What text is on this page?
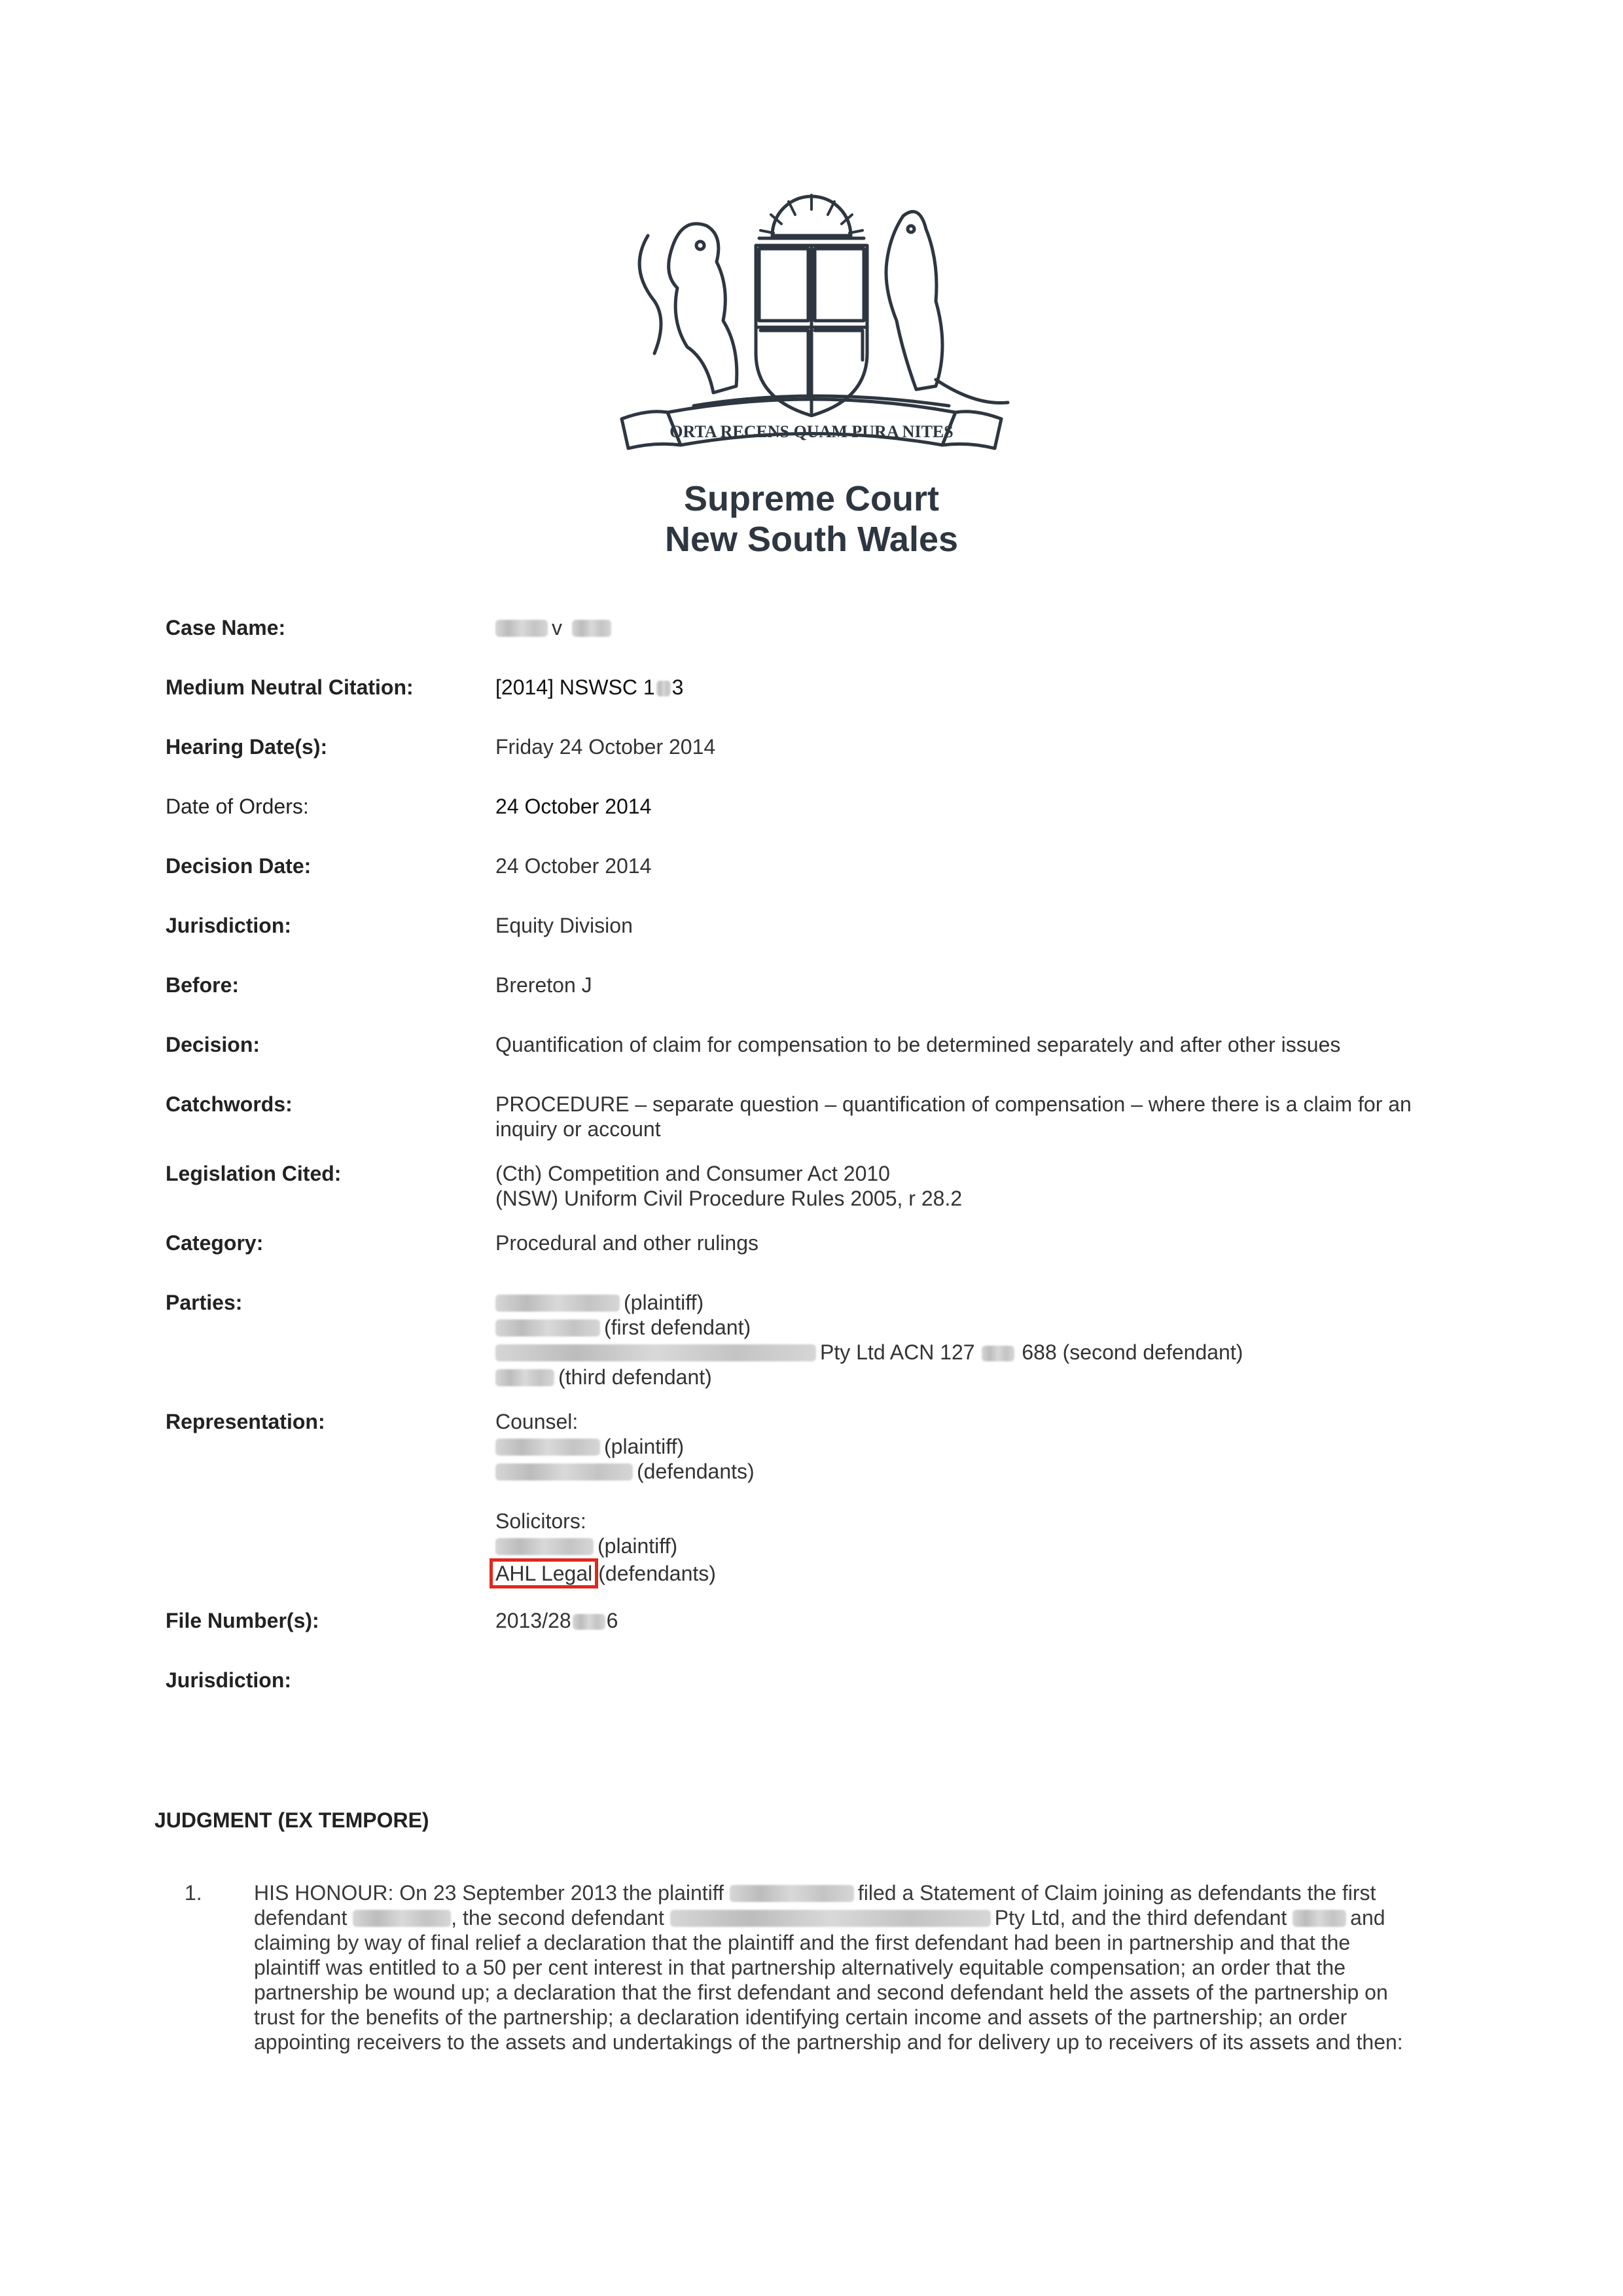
ORTA RECENS QUAM PURA NITES
Supreme Court
New South Wales
Case Name:	v
Medium Neutral Citation:	[2014] NSWSC 1 3
Hearing Date(s):	Friday 24 October 2014
Date of Orders:	24 October 2014
Decision Date:	24 October 2014
Jurisdiction:	Equity Division
Before:	Brereton J
Decision:	Quantification of claim for compensation to be determined separately and after other issues
Catchwords:	PROCEDURE – separate question – quantification of compensation – where there is a claim for an
inquiry or account
Legislation Cited:	(Cth) Competition and Consumer Act 2010
(NSW) Uniform Civil Procedure Rules 2005, r 28.2
Category:	Procedural and other rulings
Parties:	(plaintiff)
(first defendant)
Pty Ltd ACN 127 688 (second defendant)
(third defendant)
Representation:	Counsel:
(plaintiff)
(defendants)
Solicitors:
(plaintiff)
AHL Legal (defendants)
File Number(s):	2013/28 6
Jurisdiction:
JUDGMENT (EX TEMPORE)
1.	HIS HONOUR: On 23 September 2013 the plaintiff	filed a Statement of Claim joining as defendants the first
defendant	, the second defendant	Pty Ltd, and the third defendant	and
claiming by way of final relief a declaration that the plaintiff and the first defendant had been in partnership and that the
plaintiff was entitled to a 50 per cent interest in that partnership alternatively equitable compensation; an order that the
partnership be wound up; a declaration that the first defendant and second defendant held the assets of the partnership on
trust for the benefits of the partnership; a declaration identifying certain income and assets of the partnership; an order
appointing receivers to the assets and undertakings of the partnership and for delivery up to receivers of its assets and then:
